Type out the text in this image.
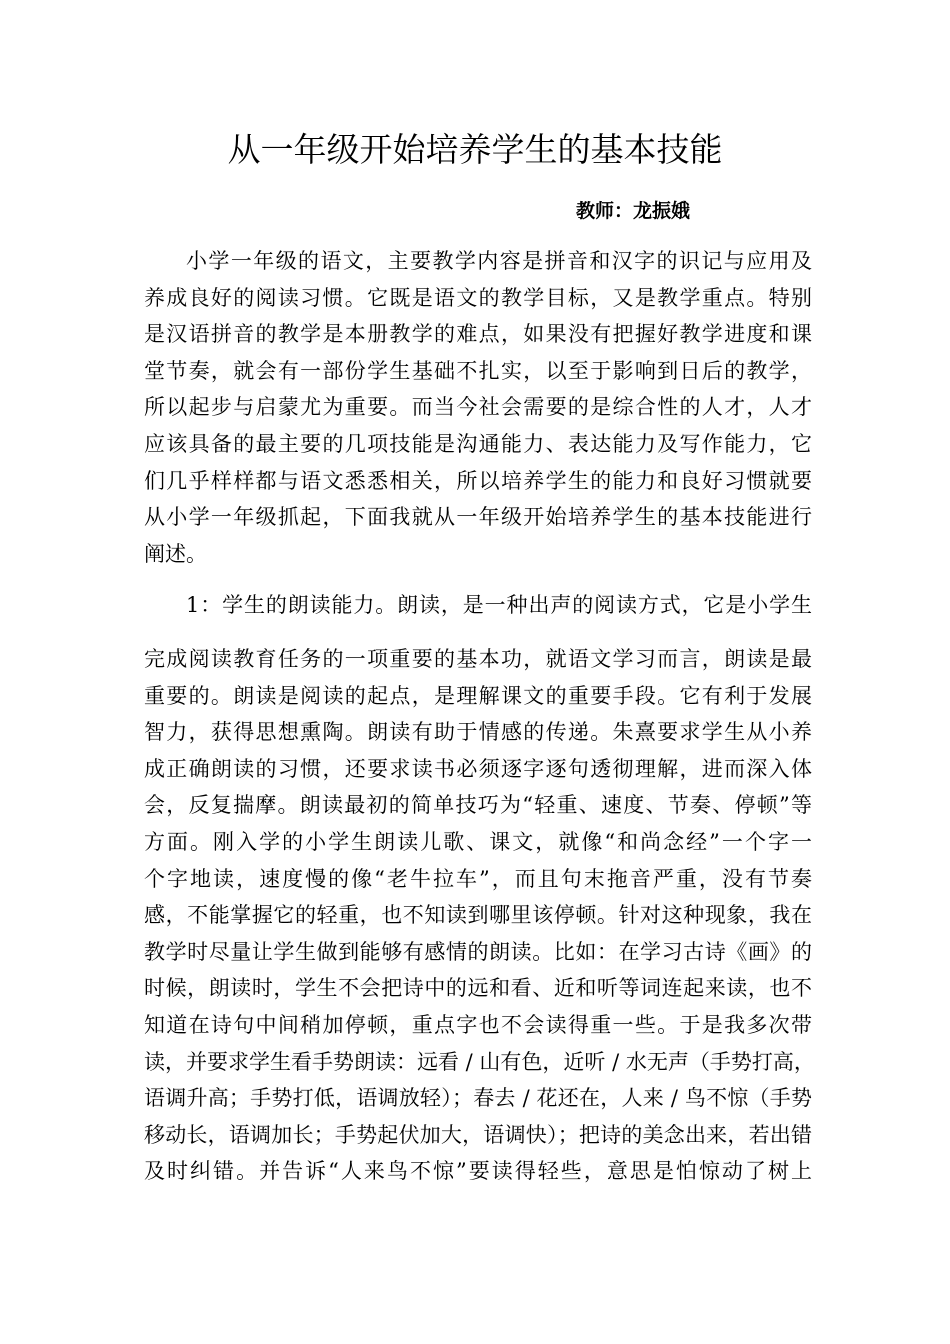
从一年级开始培养学生的基本技能
教师：龙振娥
小学一年级的语文，主要教学内容是拼音和汉字的识记与应用及
养成良好的阅读习惯。它既是语文的教学目标，又是教学重点。特别
是汉语拼音的教学是本册教学的难点，如果没有把握好教学进度和课
堂节奏，就会有一部份学生基础不扎实，以至于影响到日后的教学，
所以起步与启蒙尤为重要。而当今社会需要的是综合性的人才，人才
应该具备的最主要的几项技能是沟通能力、表达能力及写作能力，它
们几乎样样都与语文悉悉相关，所以培养学生的能力和良好习惯就要
从小学一年级抓起，下面我就从一年级开始培养学生的基本技能进行
阐述。
1：学生的朗读能力。朗读，是一种出声的阅读方式，它是小学生
完成阅读教育任务的一项重要的基本功，就语文学习而言，朗读是最
重要的。朗读是阅读的起点，是理解课文的重要手段。它有利于发展
智力，获得思想熏陶。朗读有助于情感的传递。朱熹要求学生从小养
成正确朗读的习惯，还要求读书必须逐字逐句透彻理解，进而深入体
会，反复揣摩。朗读最初的简单技巧为“轻重、速度、节奏、停顿”等
方面。刚入学的小学生朗读儿歌、课文，就像“和尚念经”一个字一
个字地读，速度慢的像“老牛拉车”，而且句末拖音严重，没有节奏
感，不能掌握它的轻重，也不知读到哪里该停顿。针对这种现象，我在
教学时尽量让学生做到能够有感情的朗读。比如：在学习古诗《画》的
时候，朗读时，学生不会把诗中的远和看、近和听等词连起来读，也不
知道在诗句中间稍加停顿，重点字也不会读得重一些。于是我多次带
读，并要求学生看手势朗读：远看 / 山有色，近听 / 水无声（手势打高，
语调升高；手势打低，语调放轻）；春去 / 花还在，人来 / 鸟不惊（手势
移动长，语调加长；手势起伏加大，语调快）；把诗的美念出来，若出错
及时纠错。并告诉“人来鸟不惊”要读得轻些，意思是怕惊动了树上
